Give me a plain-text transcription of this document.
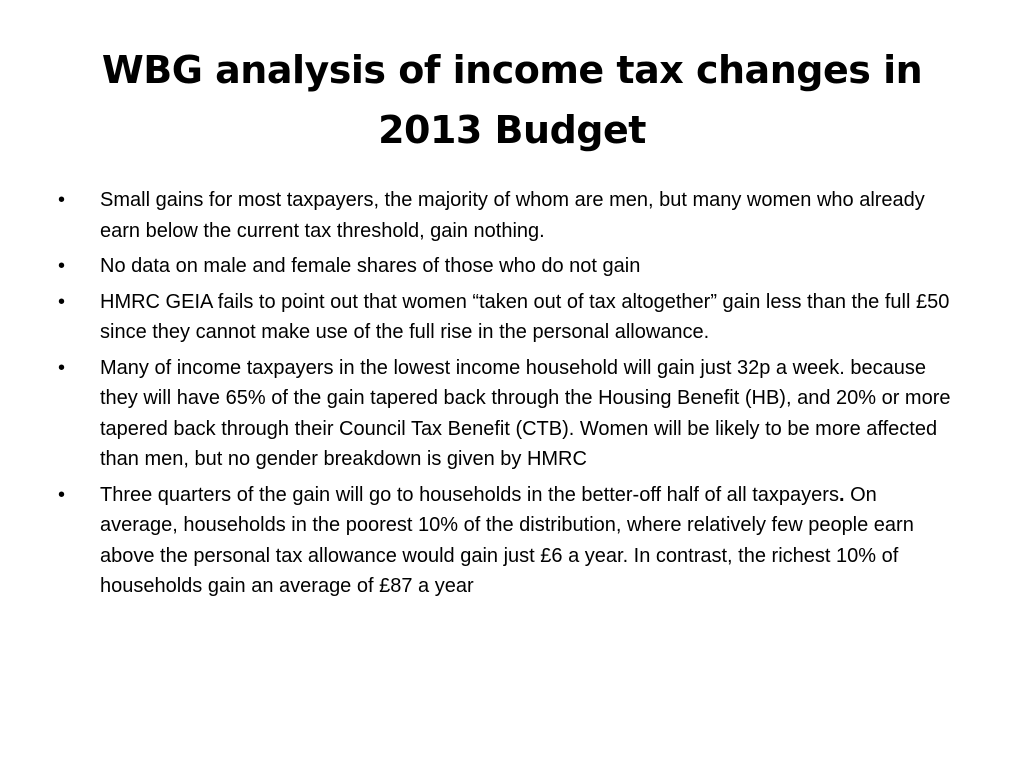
WBG analysis of income tax changes in
2013 Budget
•	Small gains for most taxpayers, the majority of whom are men, but many women who already earn below the current tax threshold, gain nothing.
•	No data on male and female shares of those who do not gain
•	HMRC GEIA fails to point out that women “taken out of tax altogether” gain less than the full £50 since they cannot make use of the full rise in the personal allowance.
•	Many of income taxpayers in the lowest income household will gain just 32p a week. because they will have 65% of the gain tapered back through the Housing Benefit (HB), and 20% or more tapered back through their Council Tax Benefit (CTB). Women will be likely to be more affected than men, but no gender breakdown is given by HMRC
•	Three quarters of the gain will go to households in the better-off half of all taxpayers. On average, households in the poorest 10% of the distribution, where relatively few people earn above the personal tax allowance would gain just £6 a year. In contrast, the richest 10% of households gain an average of £87 a year
